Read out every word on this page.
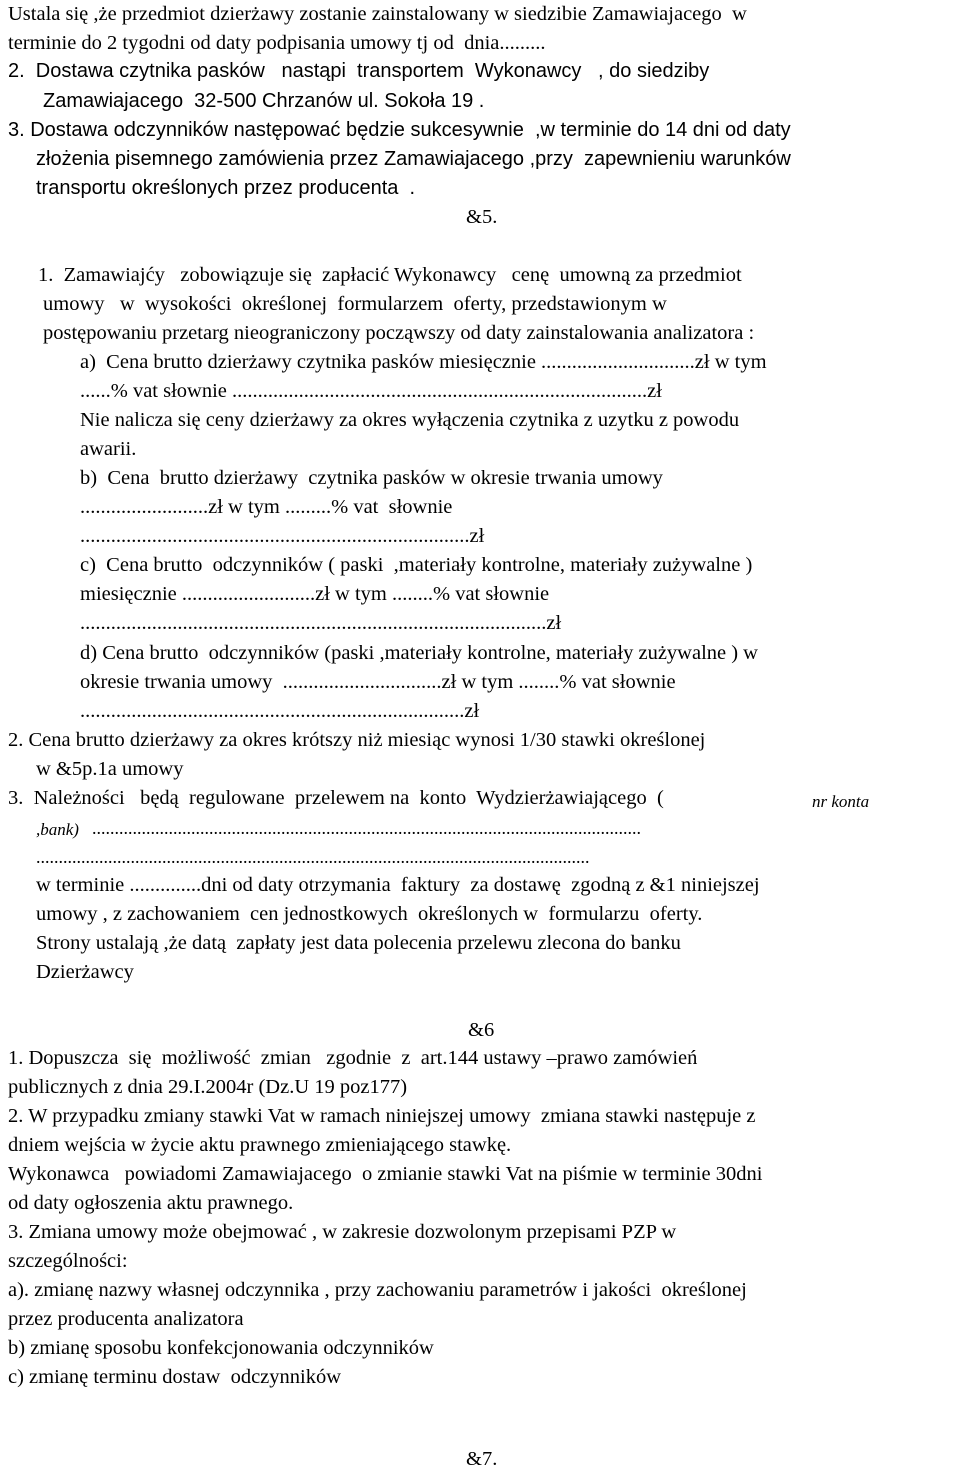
Ustala się ,że przedmiot dzierżawy zostanie zainstalowany w siedzibie Zamawiajacego  w
terminie do 2 tygodni od daty podpisania umowy tj od  dnia.........
2.  Dostawa czytnika pasków   nastąpi  transportem  Wykonawcy   , do siedziby
Zamawiajacego  32-500 Chrzanów ul. Sokoła 19 .
3. Dostawa odczynników następować będzie sukcesywnie  ,w terminie do 14 dni od daty
złożenia pisemnego zamówienia przez Zamawiajacego ,przy  zapewnieniu warunków
transportu określonych przez producenta  .
&5.
1.  Zamawiajćy   zobowiązuje się  zapłacić Wykonawcy   cenę  umowną za przedmiot
umowy   w  wysokości  określonej  formularzem  oferty, przedstawionym w
postępowaniu przetarg nieograniczony począwszy od daty zainstalowania analizatora :
a)  Cena brutto dzierżawy czytnika pasków miesięcznie ..............................zł w tym
......% vat słownie .................................................................................zł
Nie nalicza się ceny dzierżawy za okres wyłączenia czytnika z uzytku z powodu
awarii.
b)  Cena  brutto dzierżawy  czytnika pasków w okresie trwania umowy
.........................zł w tym .........% vat  słownie
............................................................................zł
c)  Cena brutto  odczynników ( paski  ,materiały kontrolne, materiały zużywalne )
miesięcznie ..........................zł w tym ........% vat słownie
...........................................................................................zł
d) Cena brutto  odczynników (paski ,materiały kontrolne, materiały zużywalne ) w
okresie trwania umowy  ...............................zł w tym ........% vat słownie
...........................................................................zł
2. Cena brutto dzierżawy za okres krótszy niż miesiąc wynosi 1/30 stawki określonej
w &5p.1a umowy
3.  Należności   będą  regulowane  przelewem na  konto  Wydzierżawiającego  (	nr konta
,bank) ..........................................................................................................................
...........................................................................................................................
w terminie ..............dni od daty otrzymania  faktury  za dostawę  zgodną z &1 niniejszej
umowy , z zachowaniem  cen jednostkowych  określonych w  formularzu  oferty.
Strony ustalają ,że datą  zapłaty jest data polecenia przelewu zlecona do banku
Dzierżawcy
&6
1. Dopuszcza  się  możliwość  zmian   zgodnie  z  art.144 ustawy –prawo zamówień
publicznych z dnia 29.I.2004r (Dz.U 19 poz177)
2. W przypadku zmiany stawki Vat w ramach niniejszej umowy  zmiana stawki następuje z
dniem wejścia w życie aktu prawnego zmieniającego stawkę.
Wykonawca   powiadomi Zamawiajacego  o zmianie stawki Vat na piśmie w terminie 30dni
od daty ogłoszenia aktu prawnego.
3. Zmiana umowy może obejmować , w zakresie dozwolonym przepisami PZP w
szczególności:
a). zmianę nazwy własnej odczynnika , przy zachowaniu parametrów i jakości  określonej
przez producenta analizatora
b) zmianę sposobu konfekcjonowania odczynników
c) zmianę terminu dostaw  odczynników
&7.
